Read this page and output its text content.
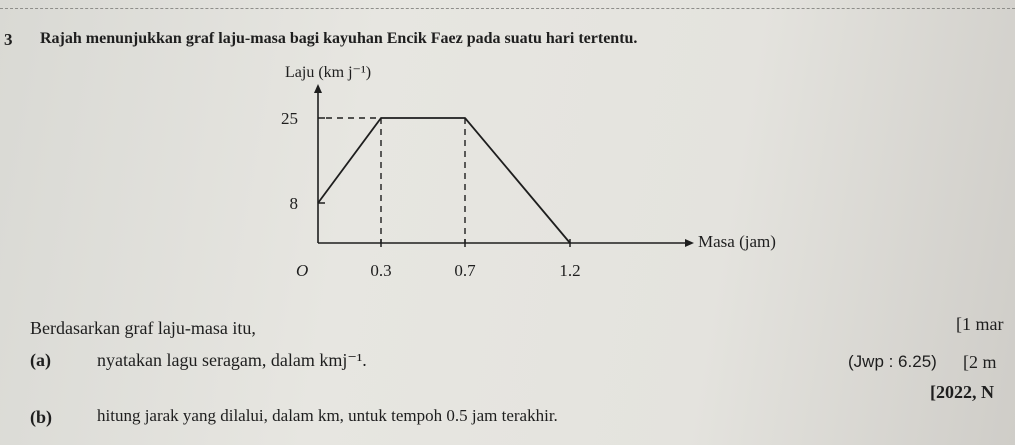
3 Rajah menunjukkan graf laju-masa bagi kayuhan Encik Faez pada suatu hari tertentu.
8
25
0.3	0.7	1.2
Laju (km j⁻¹)
Masa (jam)
O
Berdasarkan graf laju-masa itu,	[1 mar
(a)	nyatakan lagu seragam, dalam kmj⁻¹.
(b)	hitung jarak yang dilalui, dalam km, untuk tempoh 0.5 jam terakhir.
(Jwp : 6.25) [2 m
[2022, N
